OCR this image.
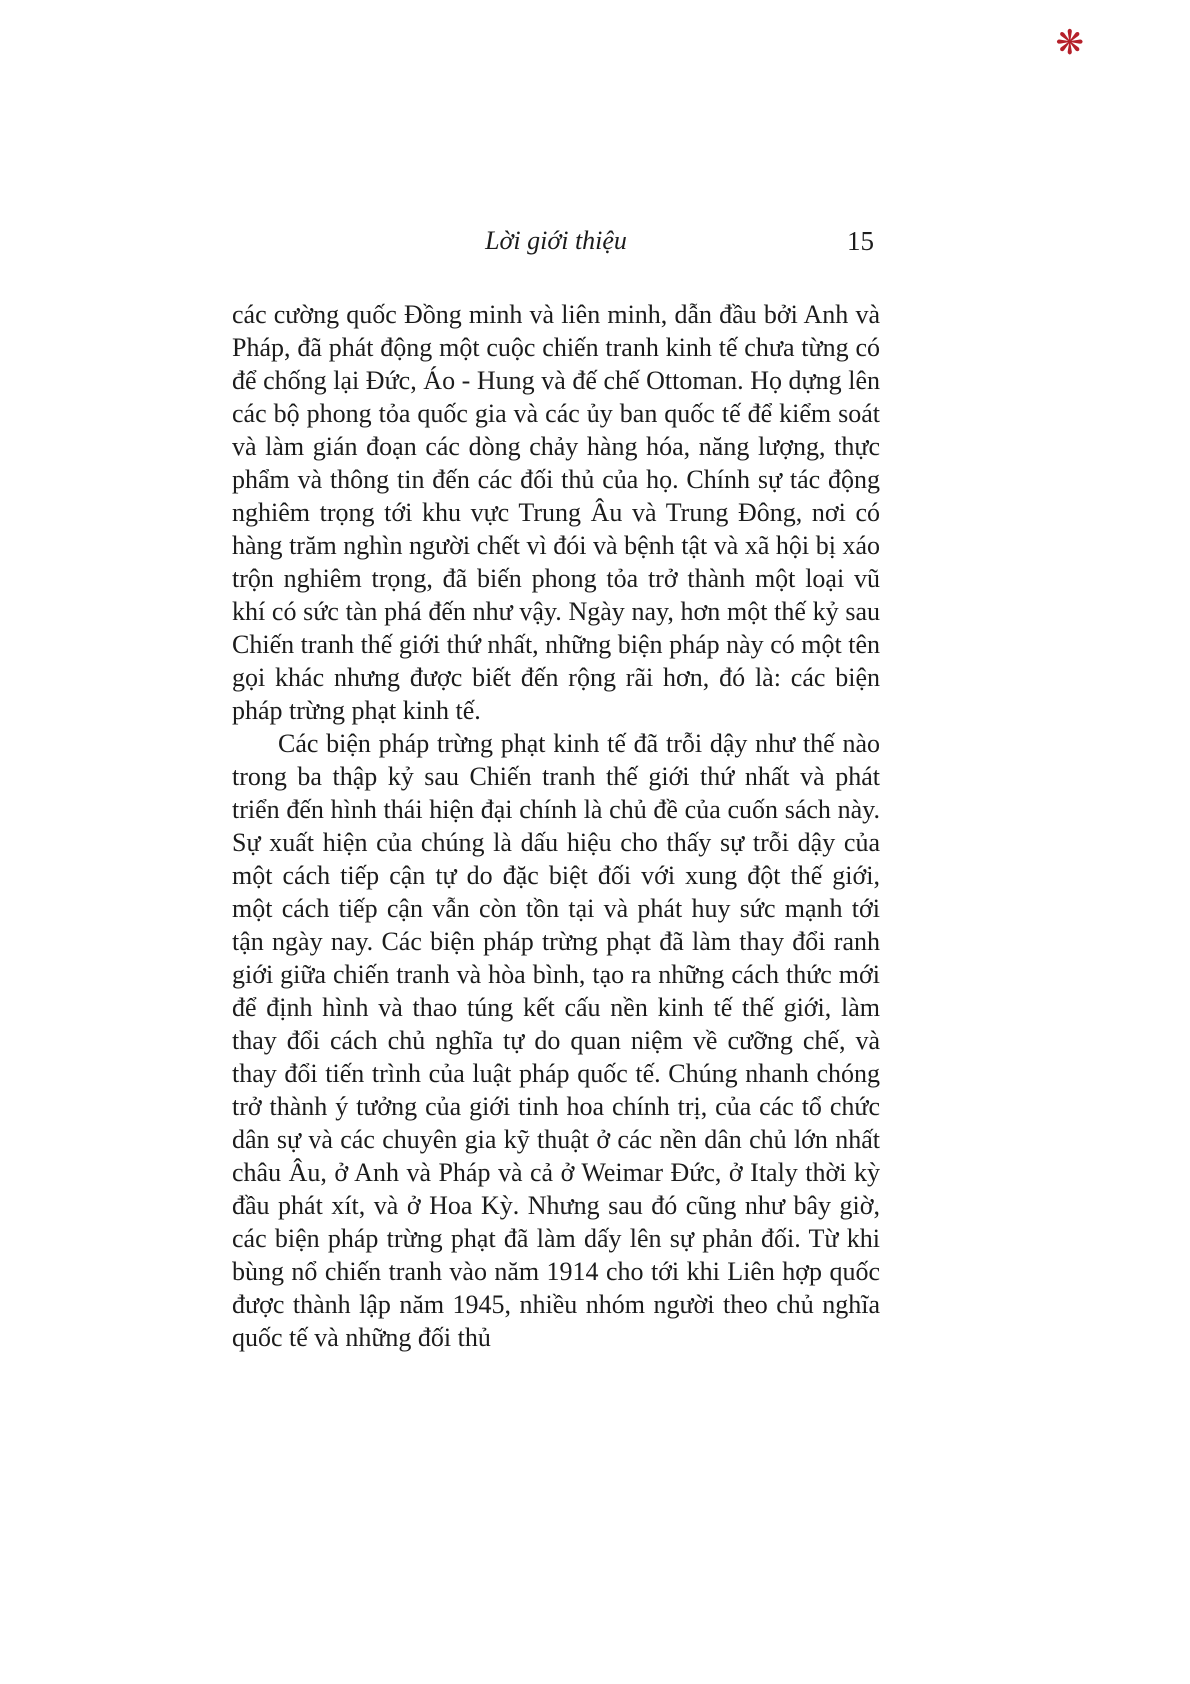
❋
Lời giới thiệu	15

các cường quốc Đồng minh và liên minh, dẫn đầu bởi Anh và Pháp, đã phát động một cuộc chiến tranh kinh tế chưa từng có để chống lại Đức, Áo - Hung và đế chế Ottoman. Họ dựng lên các bộ phong tỏa quốc gia và các ủy ban quốc tế để kiểm soát và làm gián đoạn các dòng chảy hàng hóa, năng lượng, thực phẩm và thông tin đến các đối thủ của họ. Chính sự tác động nghiêm trọng tới khu vực Trung Âu và Trung Đông, nơi có hàng trăm nghìn người chết vì đói và bệnh tật và xã hội bị xáo trộn nghiêm trọng, đã biến phong tỏa trở thành một loại vũ khí có sức tàn phá đến như vậy. Ngày nay, hơn một thế kỷ sau Chiến tranh thế giới thứ nhất, những biện pháp này có một tên gọi khác nhưng được biết đến rộng rãi hơn, đó là: các biện pháp trừng phạt kinh tế.

Các biện pháp trừng phạt kinh tế đã trỗi dậy như thế nào trong ba thập kỷ sau Chiến tranh thế giới thứ nhất và phát triển đến hình thái hiện đại chính là chủ đề của cuốn sách này. Sự xuất hiện của chúng là dấu hiệu cho thấy sự trỗi dậy của một cách tiếp cận tự do đặc biệt đối với xung đột thế giới, một cách tiếp cận vẫn còn tồn tại và phát huy sức mạnh tới tận ngày nay. Các biện pháp trừng phạt đã làm thay đổi ranh giới giữa chiến tranh và hòa bình, tạo ra những cách thức mới để định hình và thao túng kết cấu nền kinh tế thế giới, làm thay đổi cách chủ nghĩa tự do quan niệm về cưỡng chế, và thay đổi tiến trình của luật pháp quốc tế. Chúng nhanh chóng trở thành ý tưởng của giới tinh hoa chính trị, của các tổ chức dân sự và các chuyên gia kỹ thuật ở các nền dân chủ lớn nhất châu Âu, ở Anh và Pháp và cả ở Weimar Đức, ở Italy thời kỳ đầu phát xít, và ở Hoa Kỳ. Nhưng sau đó cũng như bây giờ, các biện pháp trừng phạt đã làm dấy lên sự phản đối. Từ khi bùng nổ chiến tranh vào năm 1914 cho tới khi Liên hợp quốc được thành lập năm 1945, nhiều nhóm người theo chủ nghĩa quốc tế và những đối thủ
